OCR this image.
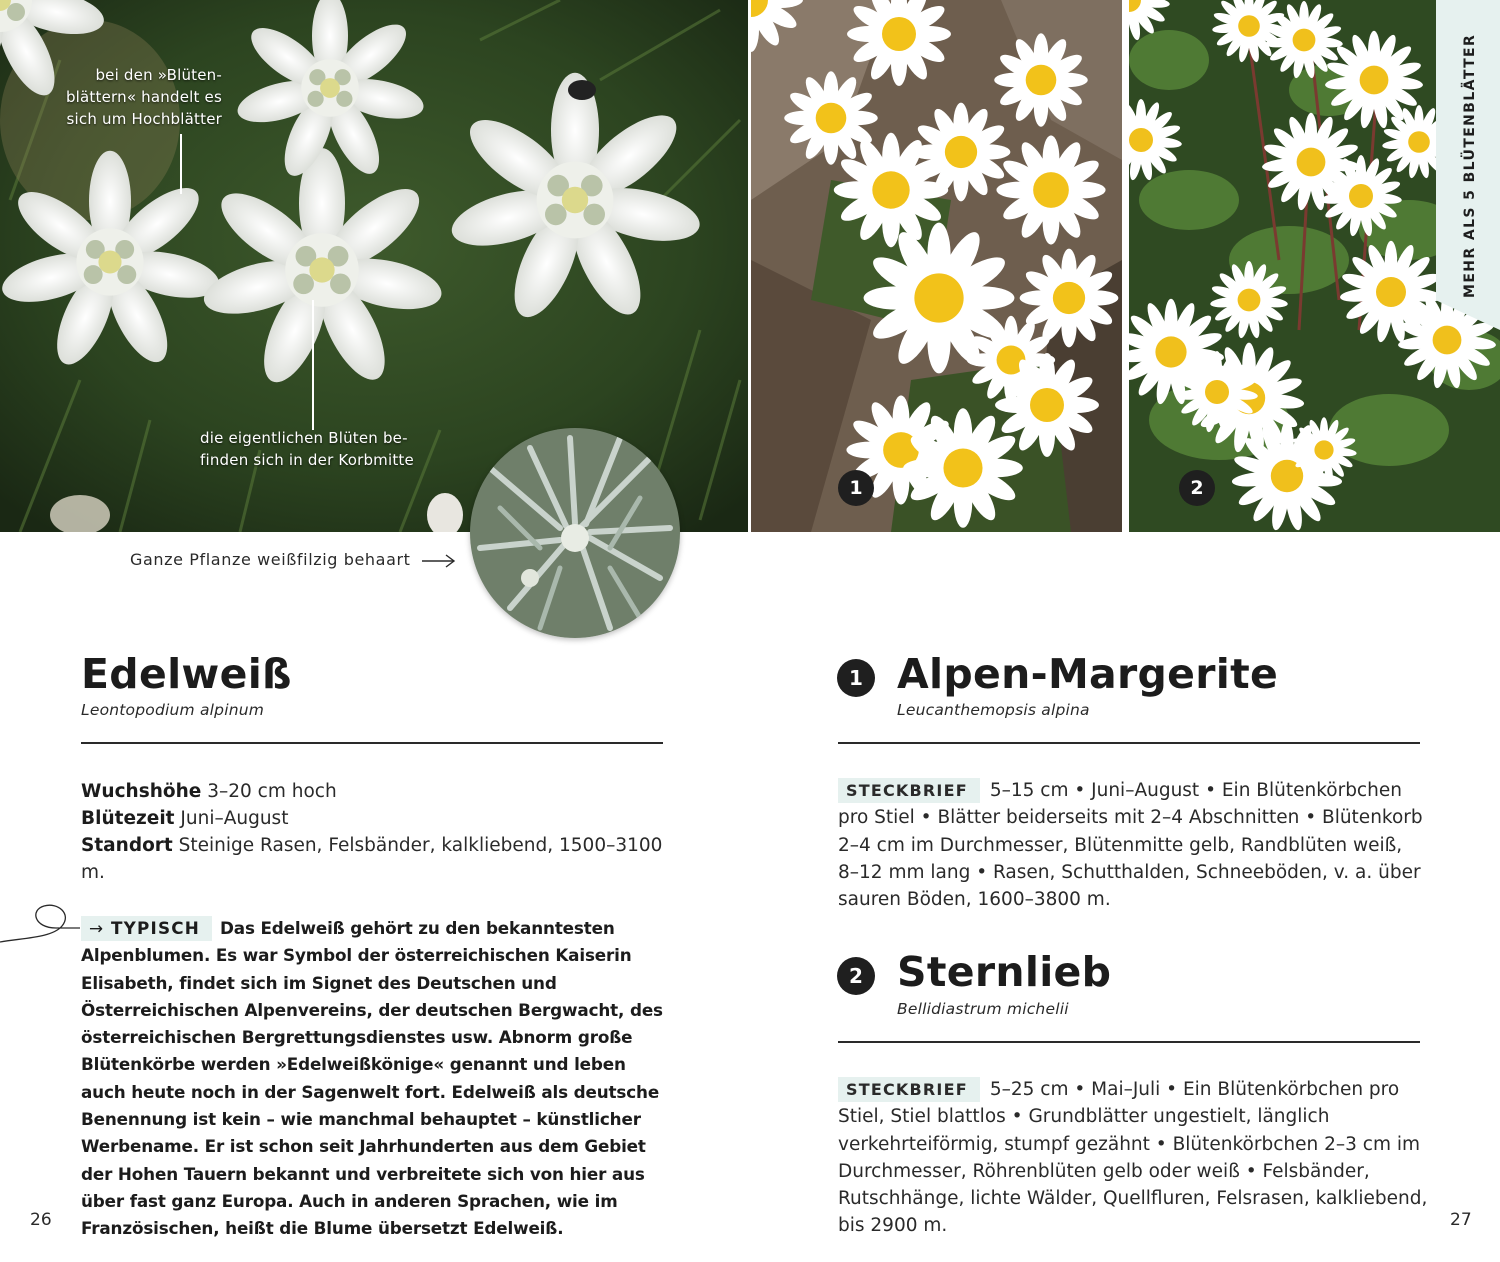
bei den »Blüten-
blättern« handelt es
sich um Hochblätter
die eigentlichen Blüten be-
finden sich in der Korbmitte
1	2
MEHR ALS 5 BLÜTENBLÄTTER
Ganze Pflanze weißfilzig behaart
Edelweiß
Leontopodium alpinum
Wuchshöhe 3–20 cm hoch
Blütezeit Juni–August
Standort Steinige Rasen, Felsbänder, kalkliebend, 1500–3100 m.
→ TYPISCH Das Edelweiß gehört zu den bekanntesten Alpenblumen. Es war Symbol der österreichischen Kaiserin Elisabeth, findet sich im Signet des Deutschen und Österreichischen Alpenvereins, der deutschen Bergwacht, des österreichischen Bergrettungsdienstes usw. Abnorm große Blütenkörbe werden »Edelweißkönige« genannt und leben auch heute noch in der Sagenwelt fort. Edelweiß als deutsche Benennung ist kein – wie manchmal behauptet – künstlicher Werbename. Er ist schon seit Jahrhunderten aus dem Gebiet der Hohen Tauern bekannt und verbreitete sich von hier aus über fast ganz Europa. Auch in anderen Sprachen, wie im Französischen, heißt die Blume übersetzt Edelweiß.
26
1 Alpen-Margerite
Leucanthemopsis alpina
STECKBRIEF 5–15 cm • Juni–August • Ein Blütenkörbchen pro Stiel • Blätter beiderseits mit 2–4 Abschnitten • Blütenkorb 2–4 cm im Durchmesser, Blütenmitte gelb, Randblüten weiß, 8–12 mm lang • Rasen, Schutthalden, Schneeböden, v. a. über sauren Böden, 1600–3800 m.
2 Sternlieb
Bellidiastrum michelii
STECKBRIEF 5–25 cm • Mai–Juli • Ein Blütenkörbchen pro Stiel, Stiel blattlos • Grundblätter ungestielt, länglich verkehrteiförmig, stumpf gezähnt • Blütenkörbchen 2–3 cm im Durchmesser, Röhrenblüten gelb oder weiß • Felsbänder, Rutschhänge, lichte Wälder, Quellfluren, Felsrasen, kalkliebend, bis 2900 m.	27
